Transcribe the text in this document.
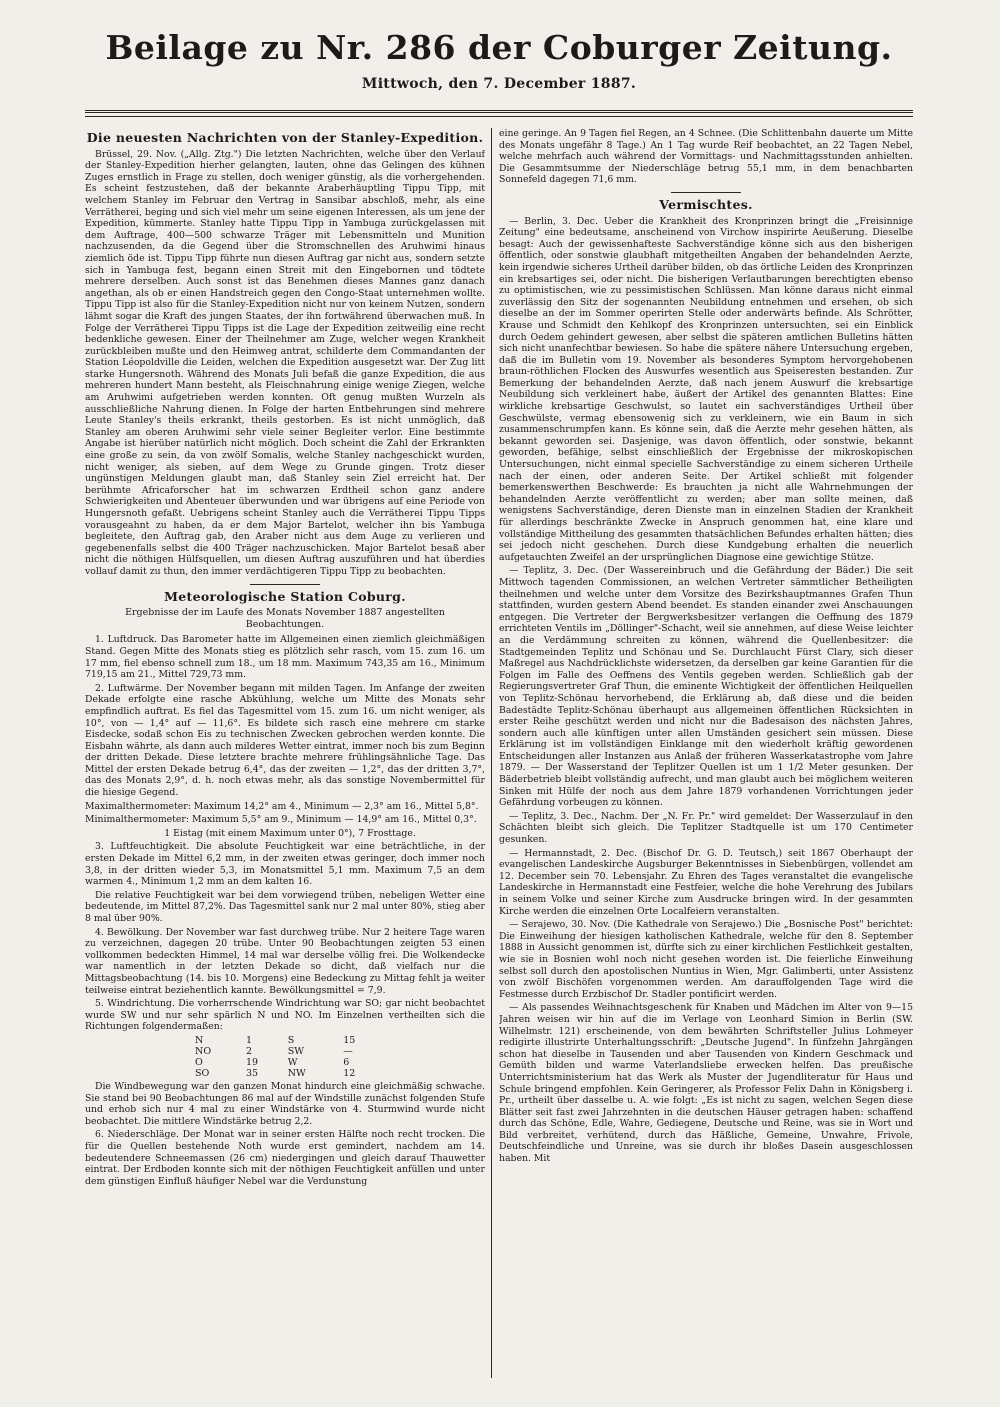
Beilage zu Nr. 286 der Coburger Zeitung.
Mittwoch, den 7. December 1887.
Die neuesten Nachrichten von der Stanley-Expedition.

Brüssel, 29. Nov. („Allg. Ztg.") Die letzten Nachrichten, welche über den Verlauf der Stanley-Expedition hierher gelangten, lauten, ohne das Gelingen des kühnen Zuges ernstlich in Frage zu stellen, doch weniger günstig, als die vorhergehenden. Es scheint festzustehen, daß der bekannte Araberhäuptling Tippu Tipp, mit welchem Stanley im Februar den Vertrag in Sansibar abschloß, mehr, als eine Verrätherei, beging und sich viel mehr um seine eigenen Interessen, als um jene der Expedition, kümmerte. Stanley hatte Tippu Tipp in Yambuga zurückgelassen mit dem Auftrage, 400—500 schwarze Träger mit Lebensmitteln und Munition nachzusenden, da die Gegend über die Stromschnellen des Aruhwimi hinaus ziemlich öde ist. Tippu Tipp führte nun diesen Auftrag gar nicht aus, sondern setzte sich in Yambuga fest, begann einen Streit mit den Eingebornen und tödtete mehrere derselben. Auch sonst ist das Benehmen dieses Mannes ganz danach angethan, als ob er einen Handstreich gegen den Congo-Staat unternehmen wollte. Tippu Tipp ist also für die Stanley-Expedition nicht nur von keinem Nutzen, sondern lähmt sogar die Kraft des jungen Staates, der ihn fortwährend überwachen muß. In Folge der Verrätherei Tippu Tipps ist die Lage der Expedition zeitweilig eine recht bedenkliche gewesen. Einer der Theilnehmer am Zuge, welcher wegen Krankheit zurückbleiben mußte und den Heimweg antrat, schilderte dem Commandanten der Station Léopoldville die Leiden, welchen die Expedition ausgesetzt war. Der Zug litt starke Hungersnoth. Während des Monats Juli befaß die ganze Expedition, die aus mehreren hundert Mann besteht, als Fleischnahrung einige wenige Ziegen, welche am Aruhwimi aufgetrieben werden konnten. Oft genug mußten Wurzeln als ausschließliche Nahrung dienen. In Folge der harten Entbehrungen sind mehrere Leute Stanley's theils erkrankt, theils gestorben. Es ist nicht unmöglich, daß Stanley am oberen Aruhwimi sehr viele seiner Begleiter verlor. Eine bestimmte Angabe ist hierüber natürlich nicht möglich. Doch scheint die Zahl der Erkrankten eine große zu sein, da von zwölf Somalis, welche Stanley nachgeschickt wurden, nicht weniger, als sieben, auf dem Wege zu Grunde gingen. Trotz dieser ungünstigen Meldungen glaubt man, daß Stanley sein Ziel erreicht hat. Der berühmte Africaforscher hat im schwarzen Erdtheil schon ganz andere Schwierigkeiten und Abenteuer überwunden und war übrigens auf eine Periode von Hungersnoth gefaßt. Uebrigens scheint Stanley auch die Verrätherei Tippu Tipps vorausgeahnt zu haben, da er dem Major Bartelot, welcher ihn bis Yambuga begleitete, den Auftrag gab, den Araber nicht aus dem Auge zu verlieren und gegebenenfalls selbst die 400 Träger nachzuschicken. Major Bartelot besaß aber nicht die nöthigen Hülfsquellen, um diesen Auftrag auszuführen und hat überdies vollauf damit zu thun, den immer verdächtigeren Tippu Tipp zu beobachten.

Meteorologische Station Coburg.
Ergebnisse der im Laufe des Monats November 1887 angestellten Beobachtungen.

1. Luftdruck. Das Barometer hatte im Allgemeinen einen ziemlich gleichmäßigen Stand. Gegen Mitte des Monats stieg es plötzlich sehr rasch, vom 15. zum 16. um 17 mm, fiel ebenso schnell zum 18., um 18 mm. Maximum 743,35 am 16., Minimum 719,15 am 21., Mittel 729,73 mm.

2. Luftwärme. Der November begann mit milden Tagen. Im Anfange der zweiten Dekade erfolgte eine rasche Abkühlung, welche um Mitte des Monats sehr empfindlich auftrat. Es fiel das Tagesmittel vom 15. zum 16. um nicht weniger, als 10°, von — 1,4° auf — 11,6°. Es bildete sich rasch eine mehrere cm starke Eisdecke, sodaß schon Eis zu technischen Zwecken gebrochen werden konnte. Die Eisbahn währte, als dann auch milderes Wetter eintrat, immer noch bis zum Beginn der dritten Dekade. Diese letztere brachte mehrere frühlingsähnliche Tage. Das Mittel der ersten Dekade betrug 6,4°, das der zweiten — 1,2°, das der dritten 3,7°, das des Monats 2,9°, d. h. noch etwas mehr, als das sonstige Novembermittel für die hiesige Gegend.

Maximalthermometer: Maximum 14,2° am 4., Minimum — 2,3° am 16., Mittel 5,8°.

Minimalthermometer: Maximum 5,5° am 9., Minimum — 14,9° am 16., Mittel 0,3°.

1 Eistag (mit einem Maximum unter 0°), 7 Frosttage.

3. Luftfeuchtigkeit. Die absolute Feuchtigkeit war eine beträchtliche, in der ersten Dekade im Mittel 6,2 mm, in der zweiten etwas geringer, doch immer noch 3,8, in der dritten wieder 5,3, im Monatsmittel 5,1 mm. Maximum 7,5 an dem warmen 4., Minimum 1,2 mm an dem kalten 16.

Die relative Feuchtigkeit war bei dem vorwiegend trüben, nebeligen Wetter eine bedeutende, im Mittel 87,2%. Das Tagesmittel sank nur 2 mal unter 80%, stieg aber 8 mal über 90%.

4. Bewölkung. Der November war fast durchweg trübe. Nur 2 heitere Tage waren zu verzeichnen, dagegen 20 trübe. Unter 90 Beobachtungen zeigten 53 einen vollkommen bedeckten Himmel, 14 mal war derselbe völlig frei. Die Wolkendecke war namentlich in der letzten Dekade so dicht, daß vielfach nur die Mittagsbeobachtung (14. bis 10. Morgens) eine Bedeckung zu Mittag fehlt ja weiter teilweise eintrat beziehentlich kannte. Bewölkungsmittel = 7,9.

5. Windrichtung. Die vorherrschende Windrichtung war SO; gar nicht beobachtet wurde SW und nur sehr spärlich N und NO. Im Einzelnen vertheilten sich die Richtungen folgendermaßen:

N	1	S	15
NO	2	SW	—
O	19	W	6
SO	35	NW	12

Die Windbewegung war den ganzen Monat hindurch eine gleichmäßig schwache. Sie stand bei 90 Beobachtungen 86 mal auf der Windstille zunächst folgenden Stufe und erhob sich nur 4 mal zu einer Windstärke von 4. Sturmwind wurde nicht beobachtet. Die mittlere Windstärke betrug 2,2.

6. Niederschläge. Der Monat war in seiner ersten Hälfte noch recht trocken. Die für die Quellen bestehende Noth wurde erst gemindert, nachdem am 14. bedeutendere Schneemassen (26 cm) niedergingen und gleich darauf Thauwetter eintrat. Der Erdboden konnte sich mit der nöthigen Feuchtigkeit anfüllen und unter dem günstigen Einfluß häufiger Nebel war die Verdunstung

eine geringe. An 9 Tagen fiel Regen, an 4 Schnee. (Die Schlittenbahn dauerte um Mitte des Monats ungefähr 8 Tage.) An 1 Tag wurde Reif beobachtet, an 22 Tagen Nebel, welche mehrfach auch während der Vormittags- und Nachmittagsstunden anhielten. Die Gesammtsumme der Niederschläge betrug 55,1 mm, in dem benachbarten Sonnefeld dagegen 71,6 mm.

Vermischtes.

— Berlin, 3. Dec. Ueber die Krankheit des Kronprinzen bringt die „Freisinnige Zeitung" eine bedeutsame, anscheinend von Virchow inspirirte Aeußerung. Dieselbe besagt: Auch der gewissenhafteste Sachverständige könne sich aus den bisherigen öffentlich, oder sonstwie glaubhaft mitgetheilten Angaben der behandelnden Aerzte, kein irgendwie sicheres Urtheil darüber bilden, ob das örtliche Leiden des Kronprinzen ein krebsartiges sei, oder nicht. Die bisherigen Verlautbarungen berechtigten ebenso zu optimistischen, wie zu pessimistischen Schlüssen. Man könne daraus nicht einmal zuverlässig den Sitz der sogenannten Neubildung entnehmen und ersehen, ob sich dieselbe an der im Sommer operirten Stelle oder anderwärts befinde. Als Schrötter, Krause und Schmidt den Kehlkopf des Kronprinzen untersuchten, sei ein Einblick durch Oedem gehindert gewesen, aber selbst die späteren amtlichen Bulletins hätten sich nicht unanfechtbar bewiesen. So habe die spätere nähere Untersuchung ergeben, daß die im Bulletin vom 19. November als besonderes Symptom hervorgehobenen braun-röthlichen Flocken des Auswurfes wesentlich aus Speiseresten bestanden. Zur Bemerkung der behandelnden Aerzte, daß nach jenem Auswurf die krebsartige Neubildung sich verkleinert habe, äußert der Artikel des genannten Blattes: Eine wirkliche krebsartige Geschwulst, so lautet ein sachverständiges Urtheil über Geschwülste, vermag ebensowenig sich zu verkleinern, wie ein Baum in sich zusammenschrumpfen kann. Es könne sein, daß die Aerzte mehr gesehen hätten, als bekannt geworden sei. Dasjenige, was davon öffentlich, oder sonstwie, bekannt geworden, befähige, selbst einschließlich der Ergebnisse der mikroskopischen Untersuchungen, nicht einmal specielle Sachverständige zu einem sicheren Urtheile nach der einen, oder anderen Seite. Der Artikel schließt mit folgender bemerkenswerthen Beschwerde: Es brauchten ja nicht alle Wahrnehmungen der behandelnden Aerzte veröffentlicht zu werden; aber man sollte meinen, daß wenigstens Sachverständige, deren Dienste man in einzelnen Stadien der Krankheit für allerdings beschränkte Zwecke in Anspruch genommen hat, eine klare und vollständige Mittheilung des gesammten thatsächlichen Befundes erhalten hätten; dies sei jedoch nicht geschehen. Durch diese Kundgebung erhalten die neuerlich aufgetauchten Zweifel an der ursprünglichen Diagnose eine gewichtige Stütze.

— Teplitz, 3. Dec. (Der Wassereinbruch und die Gefährdung der Bäder.) Die seit Mittwoch tagenden Commissionen, an welchen Vertreter sämmtlicher Betheiligten theilnehmen und welche unter dem Vorsitze des Bezirkshauptmannes Grafen Thun stattfinden, wurden gestern Abend beendet. Es standen einander zwei Anschauungen entgegen. Die Vertreter der Bergwerksbesitzer verlangen die Oeffnung des 1879 errichteten Ventils im „Döllinger"-Schacht, weil sie annehmen, auf diese Weise leichter an die Verdämmung schreiten zu können, während die Quellenbesitzer: die Stadtgemeinden Teplitz und Schönau und Se. Durchlaucht Fürst Clary, sich dieser Maßregel aus Nachdrücklichste widersetzen, da derselben gar keine Garantien für die Folgen im Falle des Oeffnens des Ventils gegeben werden. Schließlich gab der Regierungsvertreter Graf Thun, die eminente Wichtigkeit der öffentlichen Heilquellen von Teplitz-Schönau hervorhebend, die Erklärung ab, daß diese und die beiden Badestädte Teplitz-Schönau überhaupt aus allgemeinen öffentlichen Rücksichten in erster Reihe geschützt werden und nicht nur die Badesaison des nächsten Jahres, sondern auch alle künftigen unter allen Umständen gesichert sein müssen. Diese Erklärung ist im vollständigen Einklange mit den wiederholt kräftig gewordenen Entscheidungen aller Instanzen aus Anlaß der früheren Wasserkatastrophe vom Jahre 1879. — Der Wasserstand der Teplitzer Quellen ist um 1 1/2 Meter gesunken. Der Bäderbetrieb bleibt vollständig aufrecht, und man glaubt auch bei möglichem weiteren Sinken mit Hülfe der noch aus dem Jahre 1879 vorhandenen Vorrichtungen jeder Gefährdung vorbeugen zu können.

— Teplitz, 3. Dec., Nachm. Der „N. Fr. Pr." wird gemeldet: Der Wasserzulauf in den Schächten bleibt sich gleich. Die Teplitzer Stadtquelle ist um 170 Centimeter gesunken.

— Hermannstadt, 2. Dec. (Bischof Dr. G. D. Teutsch,) seit 1867 Oberhaupt der evangelischen Landeskirche Augsburger Bekenntnisses in Siebenbürgen, vollendet am 12. December sein 70. Lebensjahr. Zu Ehren des Tages veranstaltet die evangelische Landeskirche in Hermannstadt eine Festfeier, welche die hohe Verehrung des Jubilars in seinem Volke und seiner Kirche zum Ausdrucke bringen wird. In der gesammten Kirche werden die einzelnen Orte Localfeiern veranstalten.

— Serajewo, 30. Nov. (Die Kathedrale von Serajewo.) Die „Bosnische Post" berichtet: Die Einweihung der hiesigen katholischen Kathedrale, welche für den 8. September 1888 in Aussicht genommen ist, dürfte sich zu einer kirchlichen Festlichkeit gestalten, wie sie in Bosnien wohl noch nicht gesehen worden ist. Die feierliche Einweihung selbst soll durch den apostolischen Nuntius in Wien, Mgr. Galimberti, unter Assistenz von zwölf Bischöfen vorgenommen werden. Am darauffolgenden Tage wird die Festmesse durch Erzbischof Dr. Stadler pontificirt werden.

— Als passendes Weihnachtsgeschenk für Knaben und Mädchen im Alter von 9—15 Jahren weisen wir hin auf die im Verlage von Leonhard Simion in Berlin (SW. Wilhelmstr. 121) erscheinende, von dem bewährten Schriftsteller Julius Lohmeyer redigirte illustrirte Unterhaltungsschrift: „Deutsche Jugend". In fünfzehn Jahrgängen schon hat dieselbe in Tausenden und aber Tausenden von Kindern Geschmack und Gemüth bilden und warme Vaterlandsliebe erwecken helfen. Das preußische Unterrichtsministerium hat das Werk als Muster der Jugendliteratur für Haus und Schule bringend empfohlen. Kein Geringerer, als Professor Felix Dahn in Königsberg i. Pr., urtheilt über dasselbe u. A. wie folgt: „Es ist nicht zu sagen, welchen Segen diese Blätter seit fast zwei Jahrzehnten in die deutschen Häuser getragen haben: schaffend durch das Schöne, Edle, Wahre, Gediegene, Deutsche und Reine, was sie in Wort und Bild verbreitet, verhütend, durch das Häßliche, Gemeine, Unwahre, Frivole, Deutschfeindliche und Unreine, was sie durch ihr bloßes Dasein ausgeschlossen haben. Mit
